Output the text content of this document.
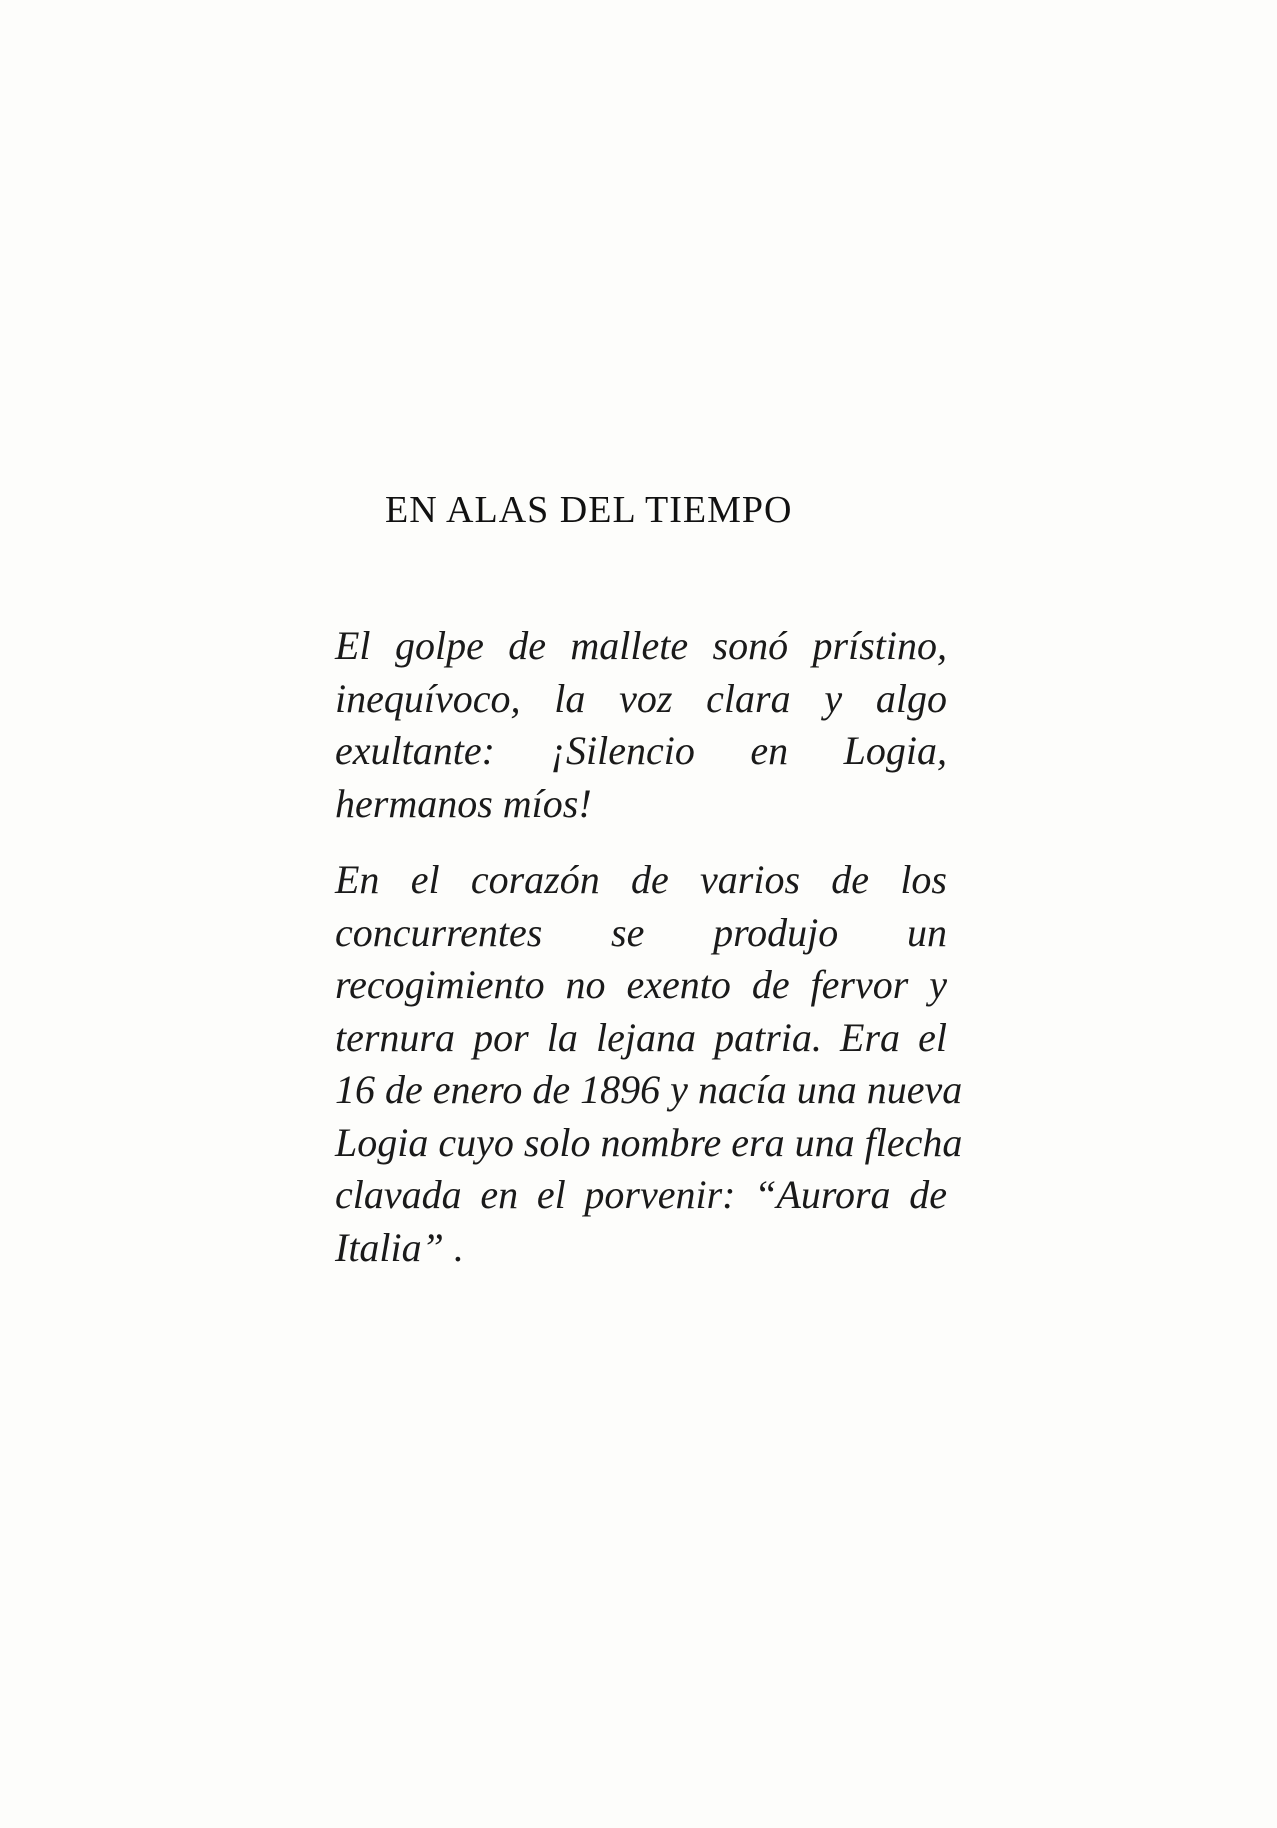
EN ALAS DEL TIEMPO
El golpe de mallete sonó prístino,
inequívoco, la voz clara y algo
exultante: ¡Silencio en Logia,
hermanos míos!
En el corazón de varios de los
concurrentes se produjo un
recogimiento no exento de fervor y
ternura por la lejana patria. Era el
16 de enero de 1896 y nacía una nueva
Logia cuyo solo nombre era una flecha
clavada en el porvenir: “Aurora de
Italia” .
